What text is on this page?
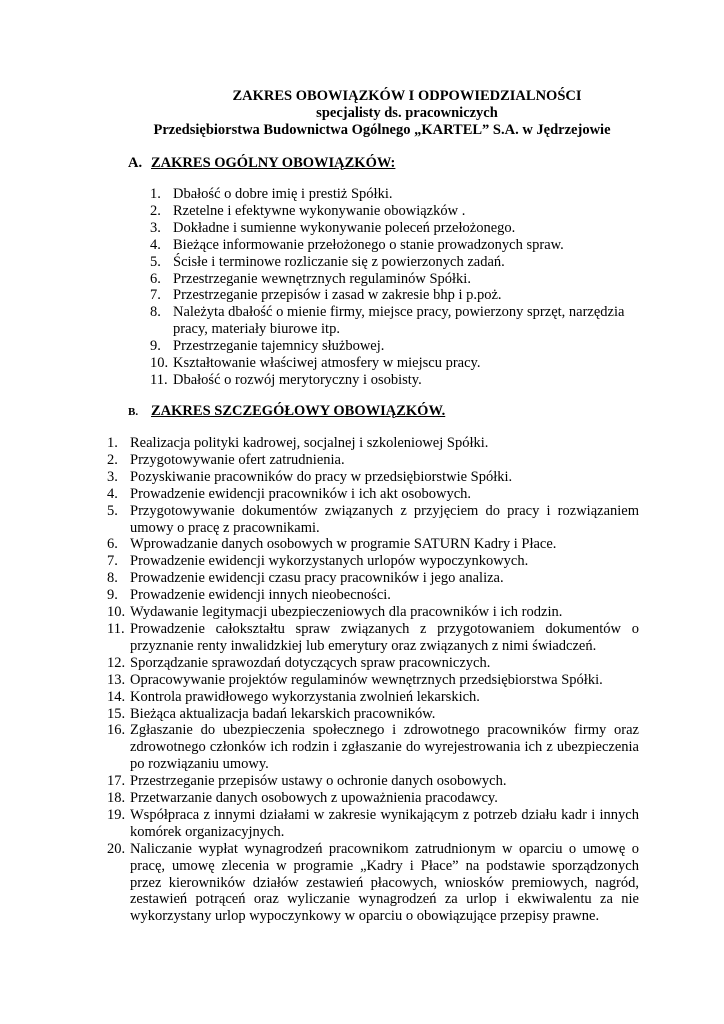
ZAKRES OBOWIĄZKÓW I ODPOWIEDZIALNOŚCI
specjalisty ds. pracowniczych
Przedsiębiorstwa Budownictwa Ogólnego „KARTEL” S.A. w Jędrzejowie
A. ZAKRES OGÓLNY OBOWIĄZKÓW:
1. Dbałość o dobre imię i prestiż Spółki.
2. Rzetelne i efektywne wykonywanie obowiązków .
3. Dokładne i sumienne wykonywanie poleceń przełożonego.
4. Bieżące informowanie przełożonego o stanie prowadzonych spraw.
5. Ścisłe i terminowe rozliczanie się z powierzonych zadań.
6. Przestrzeganie wewnętrznych regulaminów Spółki.
7. Przestrzeganie przepisów i zasad w zakresie bhp i p.poż.
8. Należyta dbałość o mienie firmy, miejsce pracy, powierzony sprzęt, narzędzia pracy, materiały biurowe itp.
9. Przestrzeganie tajemnicy służbowej.
10. Kształtowanie właściwej atmosfery w miejscu pracy.
11. Dbałość o rozwój merytoryczny i osobisty.
B. ZAKRES SZCZEGÓŁOWY OBOWIĄZKÓW.
1. Realizacja polityki kadrowej, socjalnej i szkoleniowej Spółki.
2. Przygotowywanie ofert zatrudnienia.
3. Pozyskiwanie pracowników do pracy w przedsiębiorstwie Spółki.
4. Prowadzenie ewidencji pracowników i ich akt osobowych.
5. Przygotowywanie dokumentów związanych z przyjęciem do pracy i rozwiązaniem umowy o pracę z pracownikami.
6. Wprowadzanie danych osobowych w programie SATURN Kadry i Płace.
7. Prowadzenie ewidencji wykorzystanych urlopów wypoczynkowych.
8. Prowadzenie ewidencji czasu pracy pracowników i jego analiza.
9. Prowadzenie ewidencji innych nieobecności.
10. Wydawanie legitymacji ubezpieczeniowych dla pracowników i ich rodzin.
11. Prowadzenie całokształtu spraw związanych z przygotowaniem dokumentów o przyznanie renty inwalidzkiej lub emerytury oraz związanych z nimi świadczeń.
12. Sporządzanie sprawozdań dotyczących spraw pracowniczych.
13. Opracowywanie projektów regulaminów wewnętrznych przedsiębiorstwa Spółki.
14. Kontrola prawidłowego wykorzystania zwolnień lekarskich.
15. Bieżąca aktualizacja badań lekarskich pracowników.
16. Zgłaszanie do ubezpieczenia społecznego i zdrowotnego pracowników firmy oraz zdrowotnego członków ich rodzin i zgłaszanie do wyrejestrowania ich z ubezpieczenia po rozwiązaniu umowy.
17. Przestrzeganie przepisów ustawy o ochronie danych osobowych.
18. Przetwarzanie danych osobowych z upoważnienia pracodawcy.
19. Współpraca z innymi działami w zakresie wynikającym z potrzeb działu kadr i innych komórek organizacyjnych.
20. Naliczanie wypłat wynagrodzeń pracownikom zatrudnionym w oparciu o umowę o pracę, umowę zlecenia w programie „Kadry i Płace” na podstawie sporządzonych przez kierowników działów zestawień płacowych, wniosków premiowych, nagród, zestawień potrąceń oraz wyliczanie wynagrodzeń za urlop i ekwiwalentu za nie wykorzystany urlop wypoczynkowy w oparciu o obowiązujące przepisy prawne.
